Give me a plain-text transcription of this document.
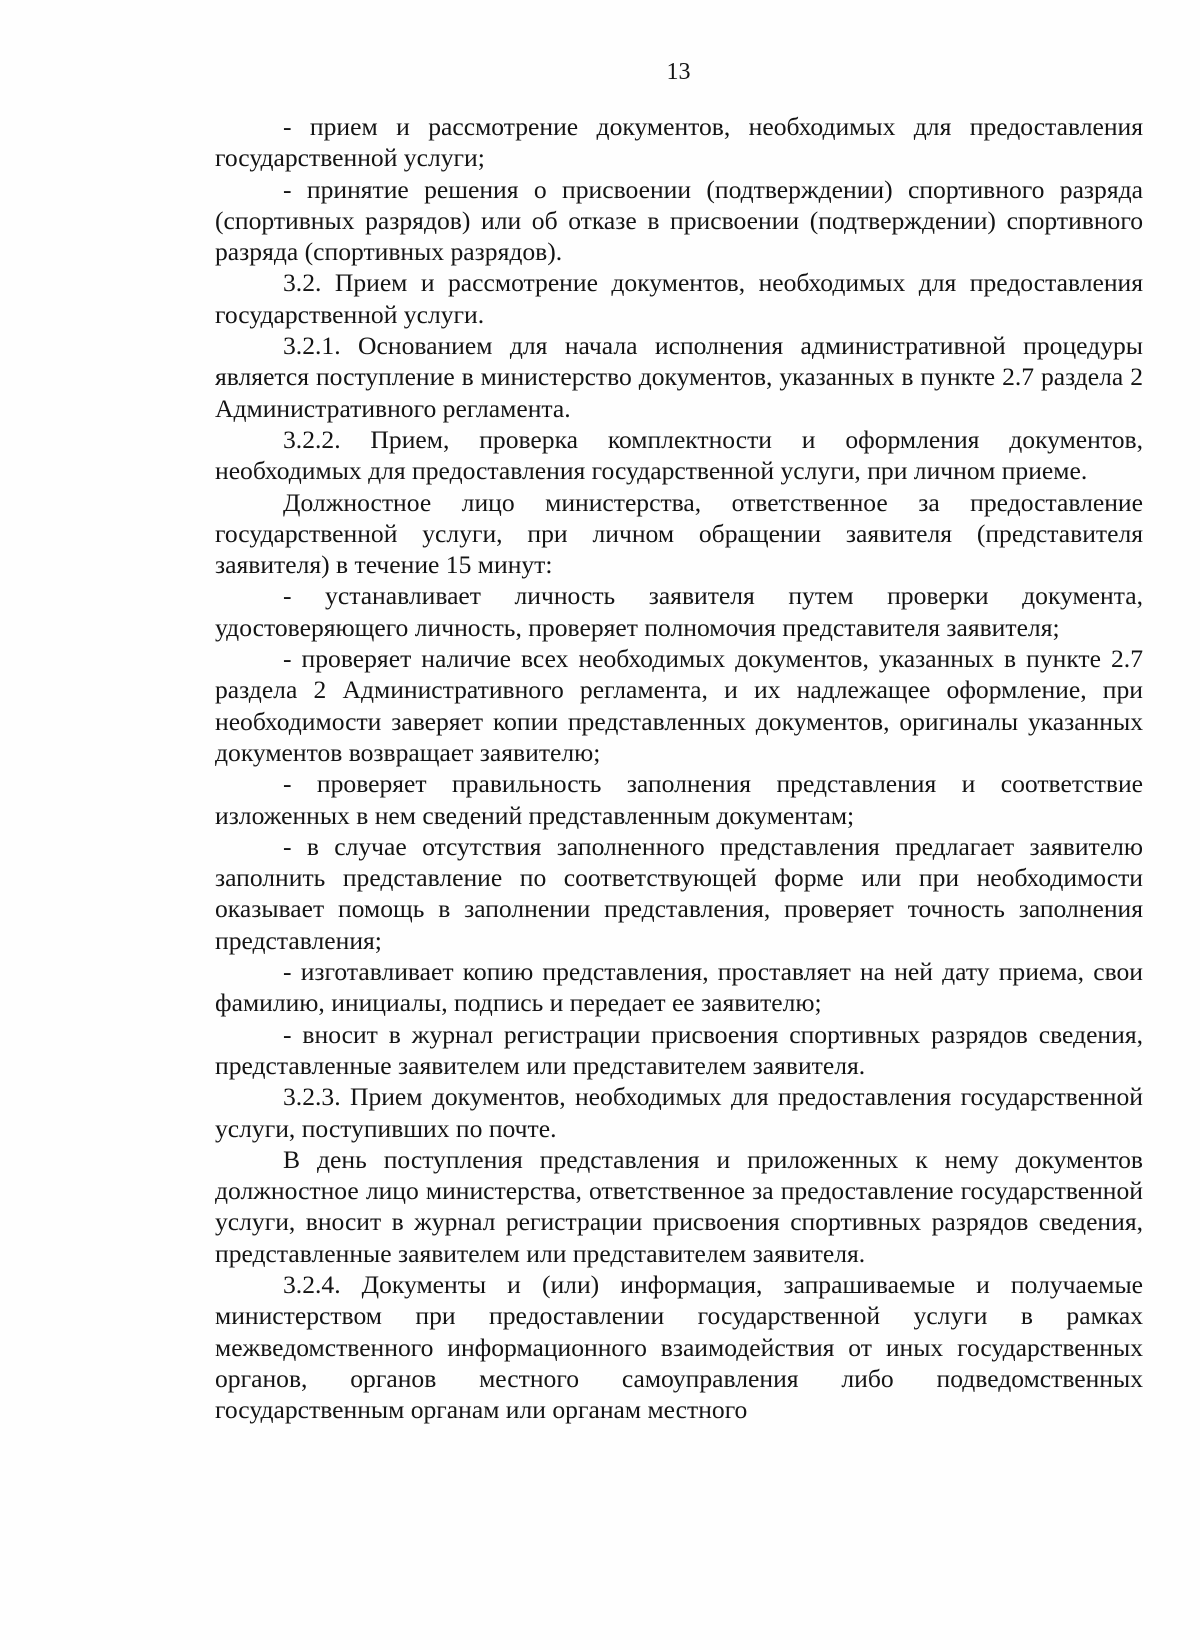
13

- прием и рассмотрение документов, необходимых для предоставления государственной услуги;

- принятие решения о присвоении (подтверждении) спортивного разряда (спортивных разрядов) или об отказе в присвоении (подтверждении) спортивного разряда (спортивных разрядов).

3.2. Прием и рассмотрение документов, необходимых для предоставления государственной услуги.

3.2.1. Основанием для начала исполнения административной процедуры является поступление в министерство документов, указанных в пункте 2.7 раздела 2 Административного регламента.

3.2.2. Прием, проверка комплектности и оформления документов, необходимых для предоставления государственной услуги, при личном приеме.

Должностное лицо министерства, ответственное за предоставление государственной услуги, при личном обращении заявителя (представителя заявителя) в течение 15 минут:

- устанавливает личность заявителя путем проверки документа, удостоверяющего личность, проверяет полномочия представителя заявителя;

- проверяет наличие всех необходимых документов, указанных в пункте 2.7 раздела 2 Административного регламента, и их надлежащее оформление, при необходимости заверяет копии представленных документов, оригиналы указанных документов возвращает заявителю;

- проверяет правильность заполнения представления и соответствие изложенных в нем сведений представленным документам;

- в случае отсутствия заполненного представления предлагает заявителю заполнить представление по соответствующей форме или при необходимости оказывает помощь в заполнении представления, проверяет точность заполнения представления;

- изготавливает копию представления, проставляет на ней дату приема, свои фамилию, инициалы, подпись и передает ее заявителю;

- вносит в журнал регистрации присвоения спортивных разрядов сведения, представленные заявителем или представителем заявителя.

3.2.3. Прием документов, необходимых для предоставления государственной услуги, поступивших по почте.

В день поступления представления и приложенных к нему документов должностное лицо министерства, ответственное за предоставление государственной услуги, вносит в журнал регистрации присвоения спортивных разрядов сведения, представленные заявителем или представителем заявителя.

3.2.4. Документы и (или) информация, запрашиваемые и получаемые министерством при предоставлении государственной услуги в рамках межведомственного информационного взаимодействия от иных государственных органов, органов местного самоуправления либо подведомственных государственным органам или органам местного
